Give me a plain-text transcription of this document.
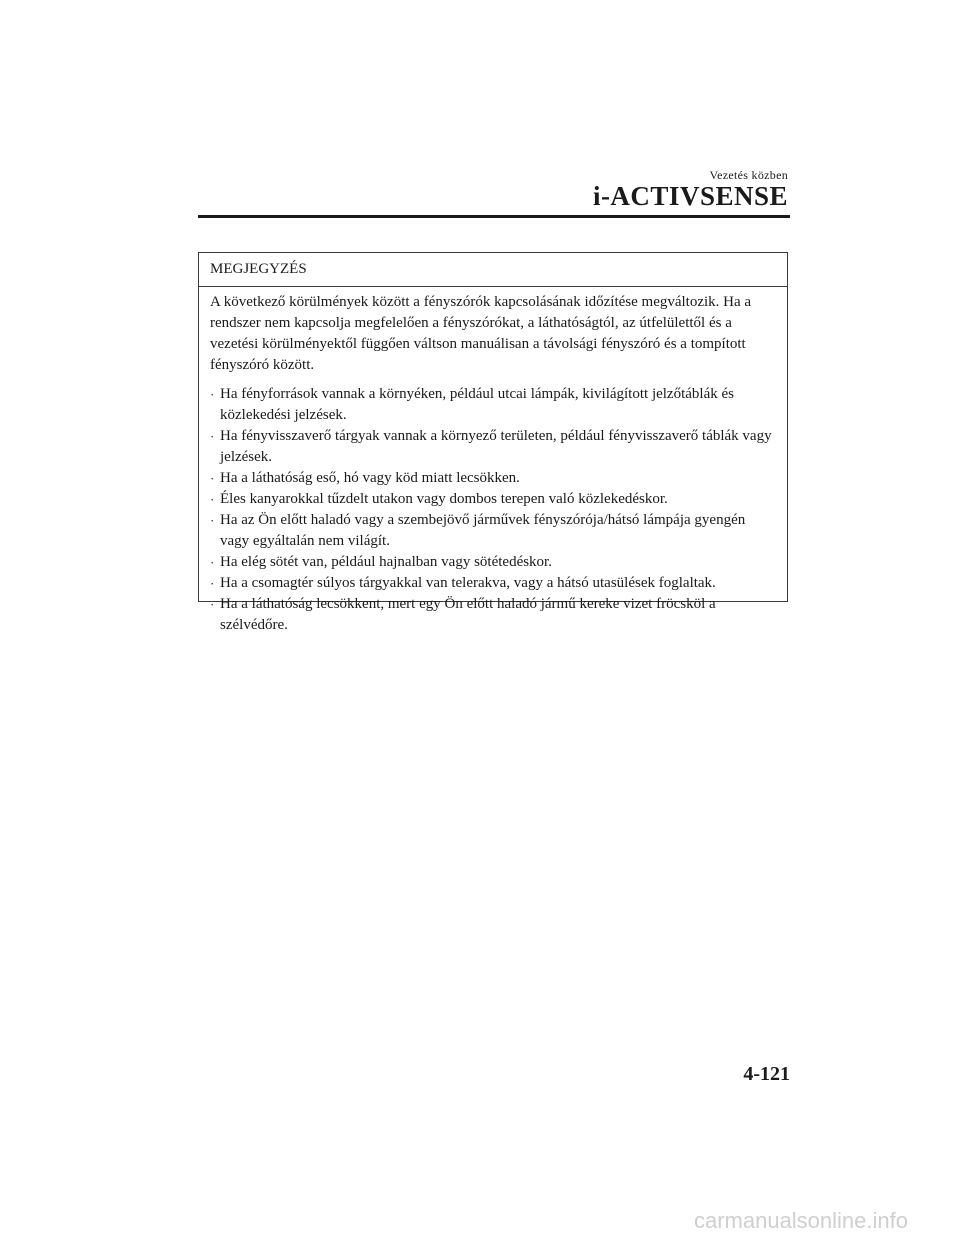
Vezetés közben
i-ACTIVSENSE
MEGJEGYZÉS

A következő körülmények között a fényszórók kapcsolásának időzítése megváltozik. Ha a rendszer nem kapcsolja megfelelően a fényszórókat, a láthatóságtól, az útfelülettől és a vezetési körülményektől függően váltson manuálisan a távolsági fényszóró és a tompított fényszóró között.

· Ha fényforrások vannak a környéken, például utcai lámpák, kivilágított jelzőtáblák és közlekedési jelzések.
· Ha fényvisszaverő tárgyak vannak a környező területen, például fényvisszaverő táblák vagy jelzések.
· Ha a láthatóság eső, hó vagy köd miatt lecsökken.
· Éles kanyarokkal tűzdelt utakon vagy dombos terepen való közlekedéskor.
· Ha az Ön előtt haladó vagy a szembejövő járművek fényszórója/hátsó lámpája gyengén vagy egyáltalán nem világít.
· Ha elég sötét van, például hajnalban vagy sötétedéskor.
· Ha a csomagtér súlyos tárgyakkal van telerakva, vagy a hátsó utasülések foglaltak.
· Ha a láthatóság lecsökkent, mert egy Ön előtt haladó jármű kereke vizet fröcsköl a szélvédőre.
4-121
carmanualsonline.info
